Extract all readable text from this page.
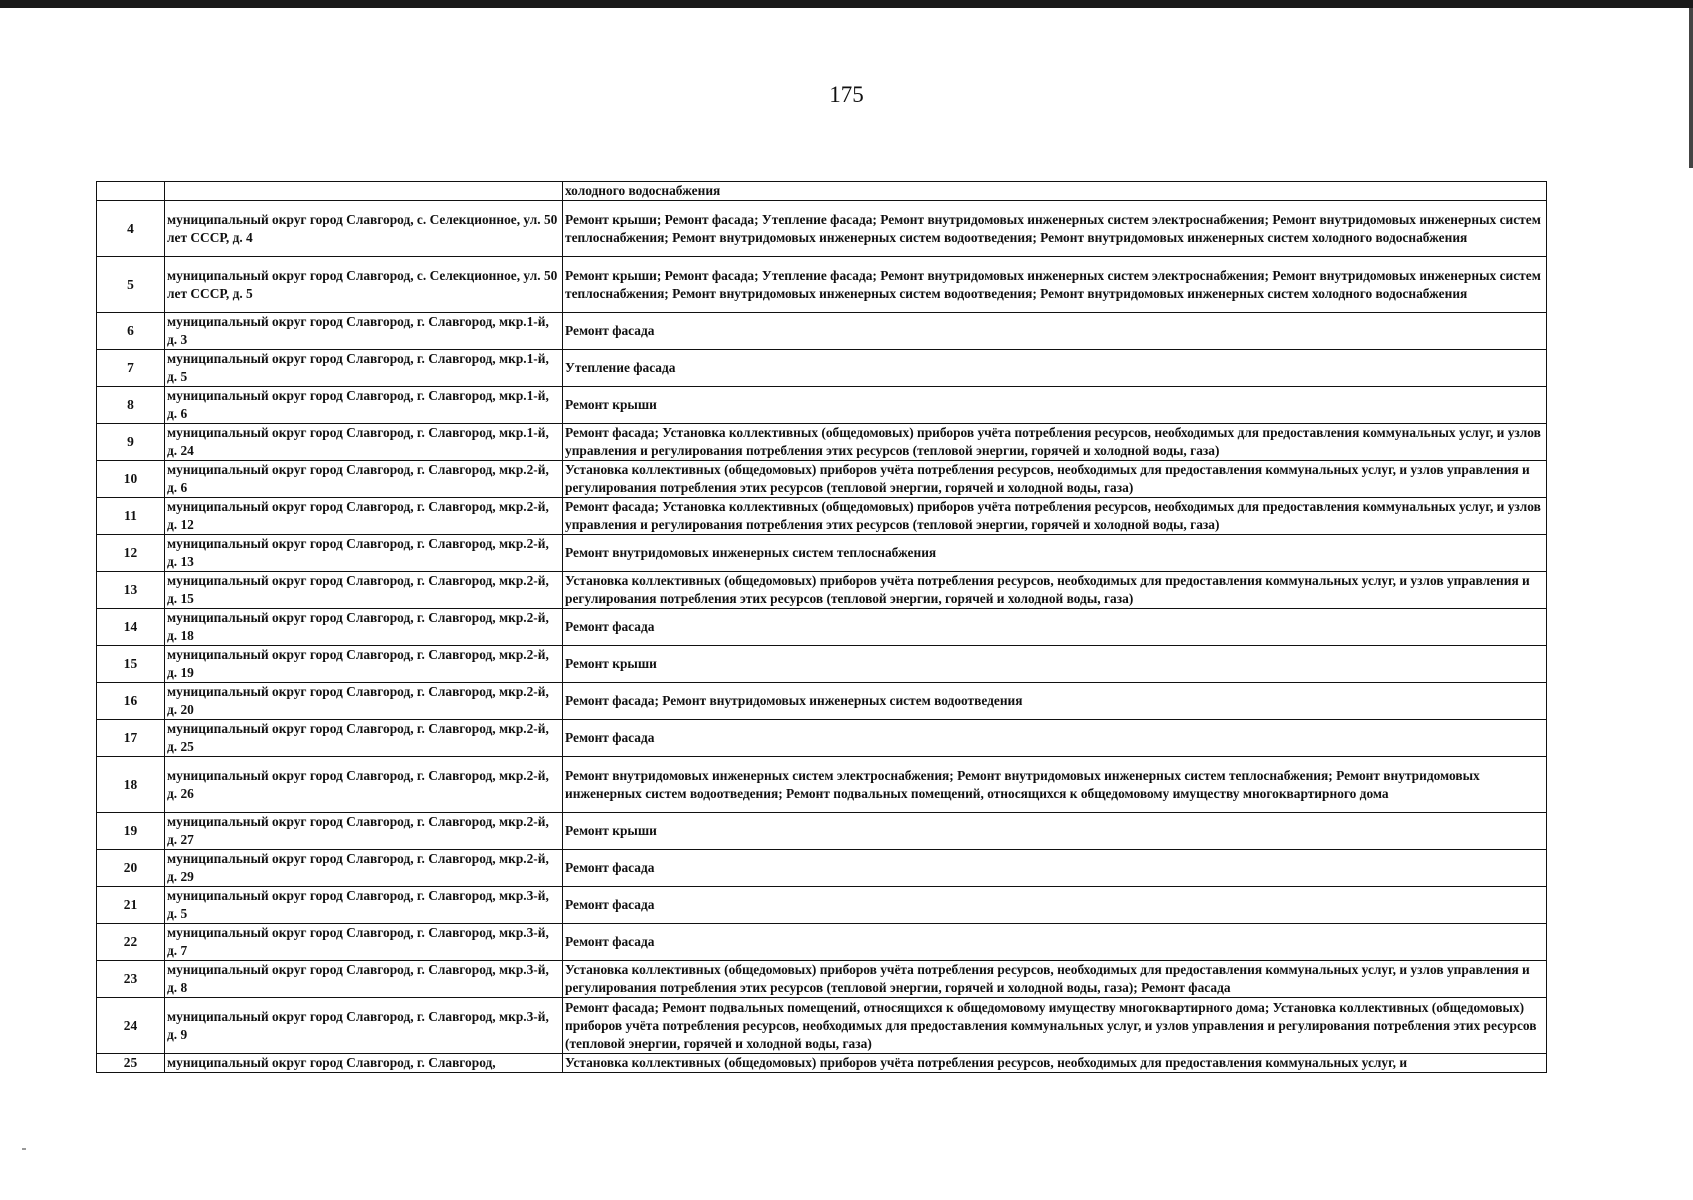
175
		холодного водоснабжения
4	муниципальный округ город Славгород, с. Селекционное, ул. 50 лет СССР, д. 4	Ремонт крыши; Ремонт фасада; Утепление фасада; Ремонт внутридомовых инженерных систем электроснабжения; Ремонт внутридомовых инженерных систем теплоснабжения; Ремонт внутридомовых инженерных систем водоотведения; Ремонт внутридомовых инженерных систем холодного водоснабжения
5	муниципальный округ город Славгород, с. Селекционное, ул. 50 лет СССР, д. 5	Ремонт крыши; Ремонт фасада; Утепление фасада; Ремонт внутридомовых инженерных систем электроснабжения; Ремонт внутридомовых инженерных систем теплоснабжения; Ремонт внутридомовых инженерных систем водоотведения; Ремонт внутридомовых инженерных систем холодного водоснабжения
6	муниципальный округ город Славгород, г. Славгород, мкр.1-й, д. 3	Ремонт фасада
7	муниципальный округ город Славгород, г. Славгород, мкр.1-й, д. 5	Утепление фасада
8	муниципальный округ город Славгород, г. Славгород, мкр.1-й, д. 6	Ремонт крыши
9	муниципальный округ город Славгород, г. Славгород, мкр.1-й, д. 24	Ремонт фасада; Установка коллективных (общедомовых) приборов учёта потребления ресурсов, необходимых для предоставления коммунальных услуг, и узлов управления и регулирования потребления этих ресурсов (тепловой энергии, горячей и холодной воды, газа)
10	муниципальный округ город Славгород, г. Славгород, мкр.2-й, д. 6	Установка коллективных (общедомовых) приборов учёта потребления ресурсов, необходимых для предоставления коммунальных услуг, и узлов управления и регулирования потребления этих ресурсов (тепловой энергии, горячей и холодной воды, газа)
11	муниципальный округ город Славгород, г. Славгород, мкр.2-й, д. 12	Ремонт фасада; Установка коллективных (общедомовых) приборов учёта потребления ресурсов, необходимых для предоставления коммунальных услуг, и узлов управления и регулирования потребления этих ресурсов (тепловой энергии, горячей и холодной воды, газа)
12	муниципальный округ город Славгород, г. Славгород, мкр.2-й, д. 13	Ремонт внутридомовых инженерных систем теплоснабжения
13	муниципальный округ город Славгород, г. Славгород, мкр.2-й, д. 15	Установка коллективных (общедомовых) приборов учёта потребления ресурсов, необходимых для предоставления коммунальных услуг, и узлов управления и регулирования потребления этих ресурсов (тепловой энергии, горячей и холодной воды, газа)
14	муниципальный округ город Славгород, г. Славгород, мкр.2-й, д. 18	Ремонт фасада
15	муниципальный округ город Славгород, г. Славгород, мкр.2-й, д. 19	Ремонт крыши
16	муниципальный округ город Славгород, г. Славгород, мкр.2-й, д. 20	Ремонт фасада; Ремонт внутридомовых инженерных систем водоотведения
17	муниципальный округ город Славгород, г. Славгород, мкр.2-й, д. 25	Ремонт фасада
18	муниципальный округ город Славгород, г. Славгород, мкр.2-й, д. 26	Ремонт внутридомовых инженерных систем электроснабжения; Ремонт внутридомовых инженерных систем теплоснабжения; Ремонт внутридомовых инженерных систем водоотведения; Ремонт подвальных помещений, относящихся к общедомовому имуществу многоквартирного дома
19	муниципальный округ город Славгород, г. Славгород, мкр.2-й, д. 27	Ремонт крыши
20	муниципальный округ город Славгород, г. Славгород, мкр.2-й, д. 29	Ремонт фасада
21	муниципальный округ город Славгород, г. Славгород, мкр.3-й, д. 5	Ремонт фасада
22	муниципальный округ город Славгород, г. Славгород, мкр.3-й, д. 7	Ремонт фасада
23	муниципальный округ город Славгород, г. Славгород, мкр.3-й, д. 8	Установка коллективных (общедомовых) приборов учёта потребления ресурсов, необходимых для предоставления коммунальных услуг, и узлов управления и регулирования потребления этих ресурсов (тепловой энергии, горячей и холодной воды, газа); Ремонт фасада
24	муниципальный округ город Славгород, г. Славгород, мкр.3-й, д. 9	Ремонт фасада; Ремонт подвальных помещений, относящихся к общедомовому имуществу многоквартирного дома; Установка коллективных (общедомовых) приборов учёта потребления ресурсов, необходимых для предоставления коммунальных услуг, и узлов управления и регулирования потребления этих ресурсов (тепловой энергии, горячей и холодной воды, газа)
25	муниципальный округ город Славгород, г. Славгород,	Установка коллективных (общедомовых) приборов учёта потребления ресурсов, необходимых для предоставления коммунальных услуг, и
